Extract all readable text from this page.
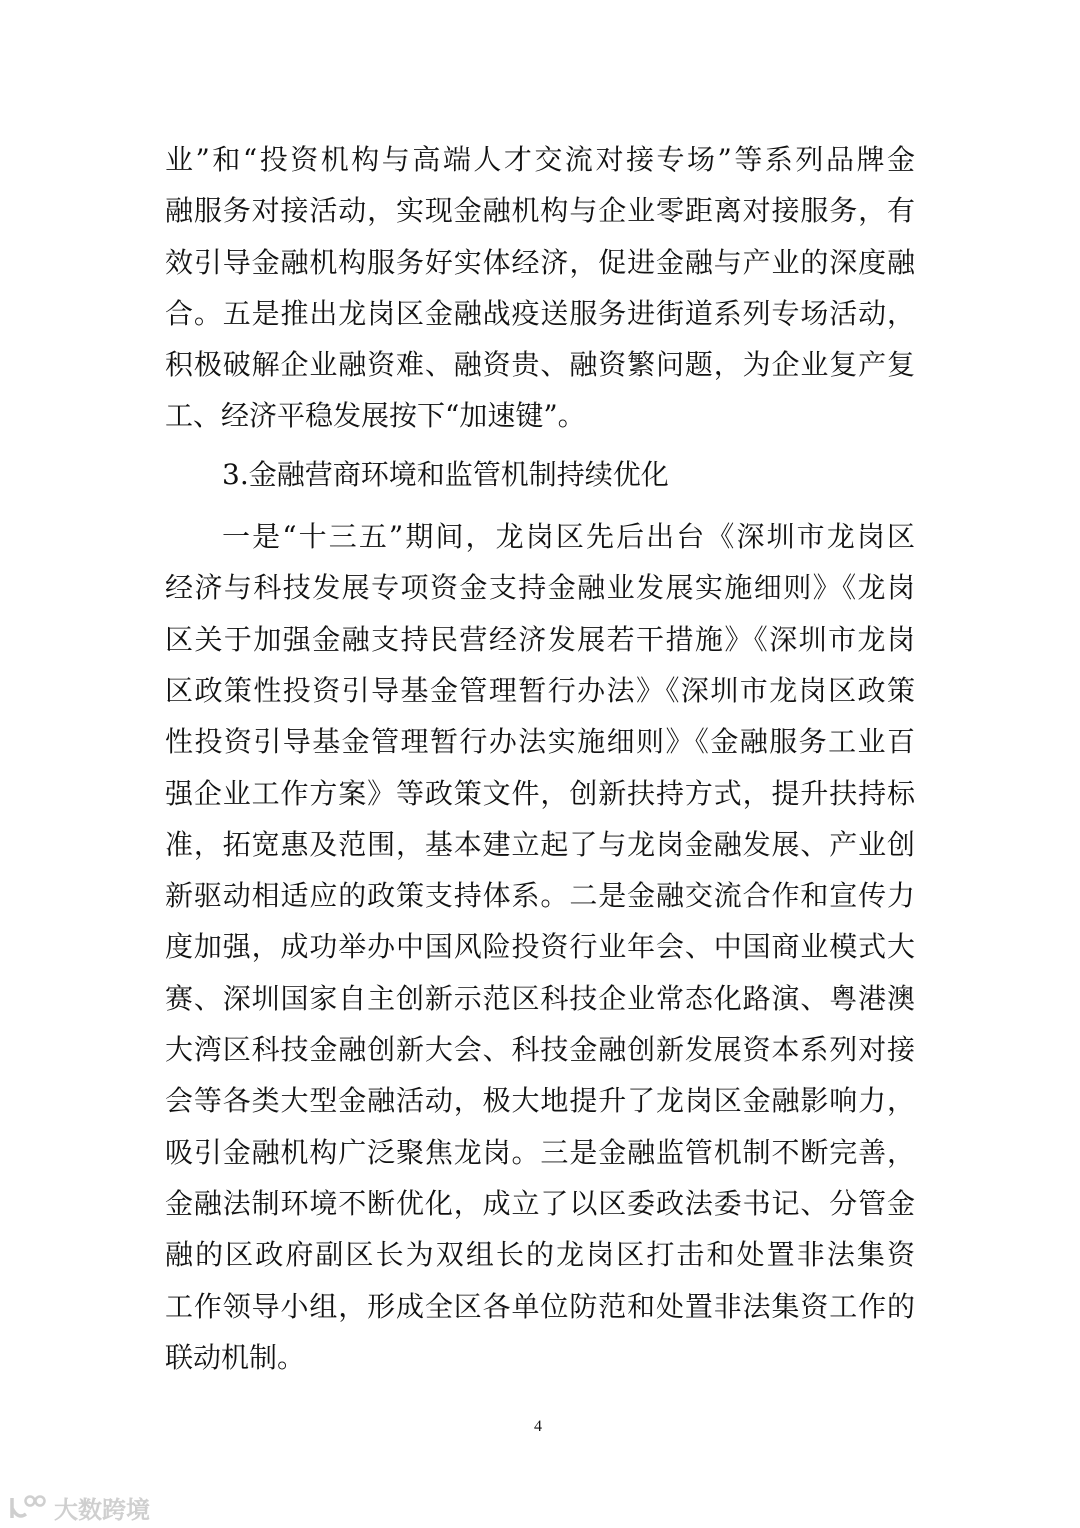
业”和“投资机构与高端人才交流对接专场”等系列品牌金
融服务对接活动，实现金融机构与企业零距离对接服务，有
效引导金融机构服务好实体经济，促进金融与产业的深度融
合。五是推出龙岗区金融战疫送服务进街道系列专场活动，
积极破解企业融资难、融资贵、融资繁问题，为企业复产复
工、经济平稳发展按下“加速键”。
3.金融营商环境和监管机制持续优化
一是“十三五”期间，龙岗区先后出台《深圳市龙岗区
经济与科技发展专项资金支持金融业发展实施细则》《龙岗
区关于加强金融支持民营经济发展若干措施》《深圳市龙岗
区政策性投资引导基金管理暂行办法》《深圳市龙岗区政策
性投资引导基金管理暂行办法实施细则》《金融服务工业百
强企业工作方案》等政策文件，创新扶持方式，提升扶持标
准，拓宽惠及范围，基本建立起了与龙岗金融发展、产业创
新驱动相适应的政策支持体系。二是金融交流合作和宣传力
度加强，成功举办中国风险投资行业年会、中国商业模式大
赛、深圳国家自主创新示范区科技企业常态化路演、粤港澳
大湾区科技金融创新大会、科技金融创新发展资本系列对接
会等各类大型金融活动，极大地提升了龙岗区金融影响力，
吸引金融机构广泛聚焦龙岗。三是金融监管机制不断完善，
金融法制环境不断优化，成立了以区委政法委书记、分管金
融的区政府副区长为双组长的龙岗区打击和处置非法集资
工作领导小组，形成全区各单位防范和处置非法集资工作的
联动机制。
4
大数跨境
